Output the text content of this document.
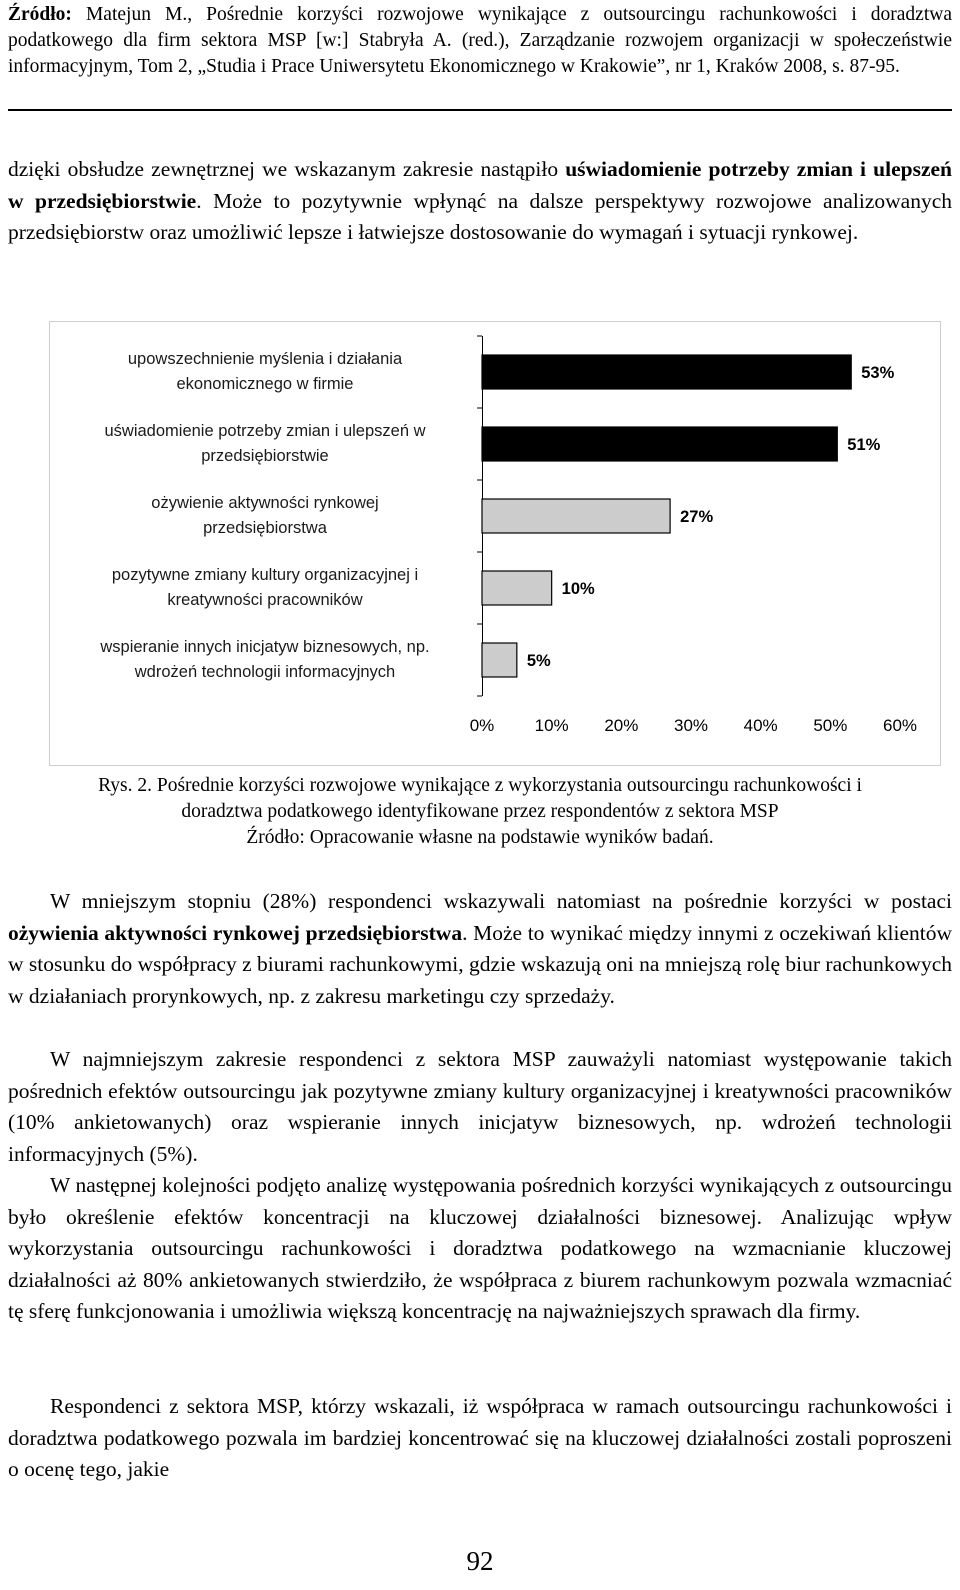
Źródło: Matejun M., Pośrednie korzyści rozwojowe wynikające z outsourcingu rachunkowości i doradztwa podatkowego dla firm sektora MSP [w:] Stabryła A. (red.), Zarządzanie rozwojem organizacji w społeczeństwie informacyjnym, Tom 2, „Studia i Prace Uniwersytetu Ekonomicznego w Krakowie”, nr 1, Kraków 2008, s. 87-95.

dzięki obsłudze zewnętrznej we wskazanym zakresie nastąpiło uświadomienie potrzeby zmian i ulepszeń w przedsiębiorstwie. Może to pozytywnie wpłynąć na dalsze perspektywy rozwojowe analizowanych przedsiębiorstw oraz umożliwić lepsze i łatwiejsze dostosowanie do wymagań i sytuacji rynkowej.

53%
51%
27%
10%
5%
0% 10% 20% 30% 40% 50% 60%
upowszechnienie myślenia i działania
ekonomicznego w firmie
uświadomienie potrzeby zmian i ulepszeń w
przedsiębiorstwie
ożywienie aktywności rynkowej
przedsiębiorstwa
pozytywne zmiany kultury organizacyjnej i
kreatywności pracowników
wspieranie innych inicjatyw biznesowych, np.
wdrożeń technologii informacyjnych
Rys. 2. Pośrednie korzyści rozwojowe wynikające z wykorzystania outsourcingu rachunkowości i
doradztwa podatkowego identyfikowane przez respondentów z sektora MSP
Źródło: Opracowanie własne na podstawie wyników badań.

W mniejszym stopniu (28%) respondenci wskazywali natomiast na pośrednie korzyści w postaci ożywienia aktywności rynkowej przedsiębiorstwa. Może to wynikać między innymi z oczekiwań klientów w stosunku do współpracy z biurami rachunkowymi, gdzie wskazują oni na mniejszą rolę biur rachunkowych w działaniach prorynkowych, np. z zakresu marketingu czy sprzedaży.

W najmniejszym zakresie respondenci z sektora MSP zauważyli natomiast występowanie takich pośrednich efektów outsourcingu jak pozytywne zmiany kultury organizacyjnej i kreatywności pracowników (10% ankietowanych) oraz wspieranie innych inicjatyw biznesowych, np. wdrożeń technologii informacyjnych (5%).

W następnej kolejności podjęto analizę występowania pośrednich korzyści wynikających z outsourcingu było określenie efektów koncentracji na kluczowej działalności biznesowej. Analizując wpływ wykorzystania outsourcingu rachunkowości i doradztwa podatkowego na wzmacnianie kluczowej działalności aż 80% ankietowanych stwierdziło, że współpraca z biurem rachunkowym pozwala wzmacniać tę sferę funkcjonowania i umożliwia większą koncentrację na najważniejszych sprawach dla firmy.

Respondenci z sektora MSP, którzy wskazali, iż współpraca w ramach outsourcingu rachunkowości i doradztwa podatkowego pozwala im bardziej koncentrować się na kluczowej działalności zostali poproszeni o ocenę tego, jakie

92
